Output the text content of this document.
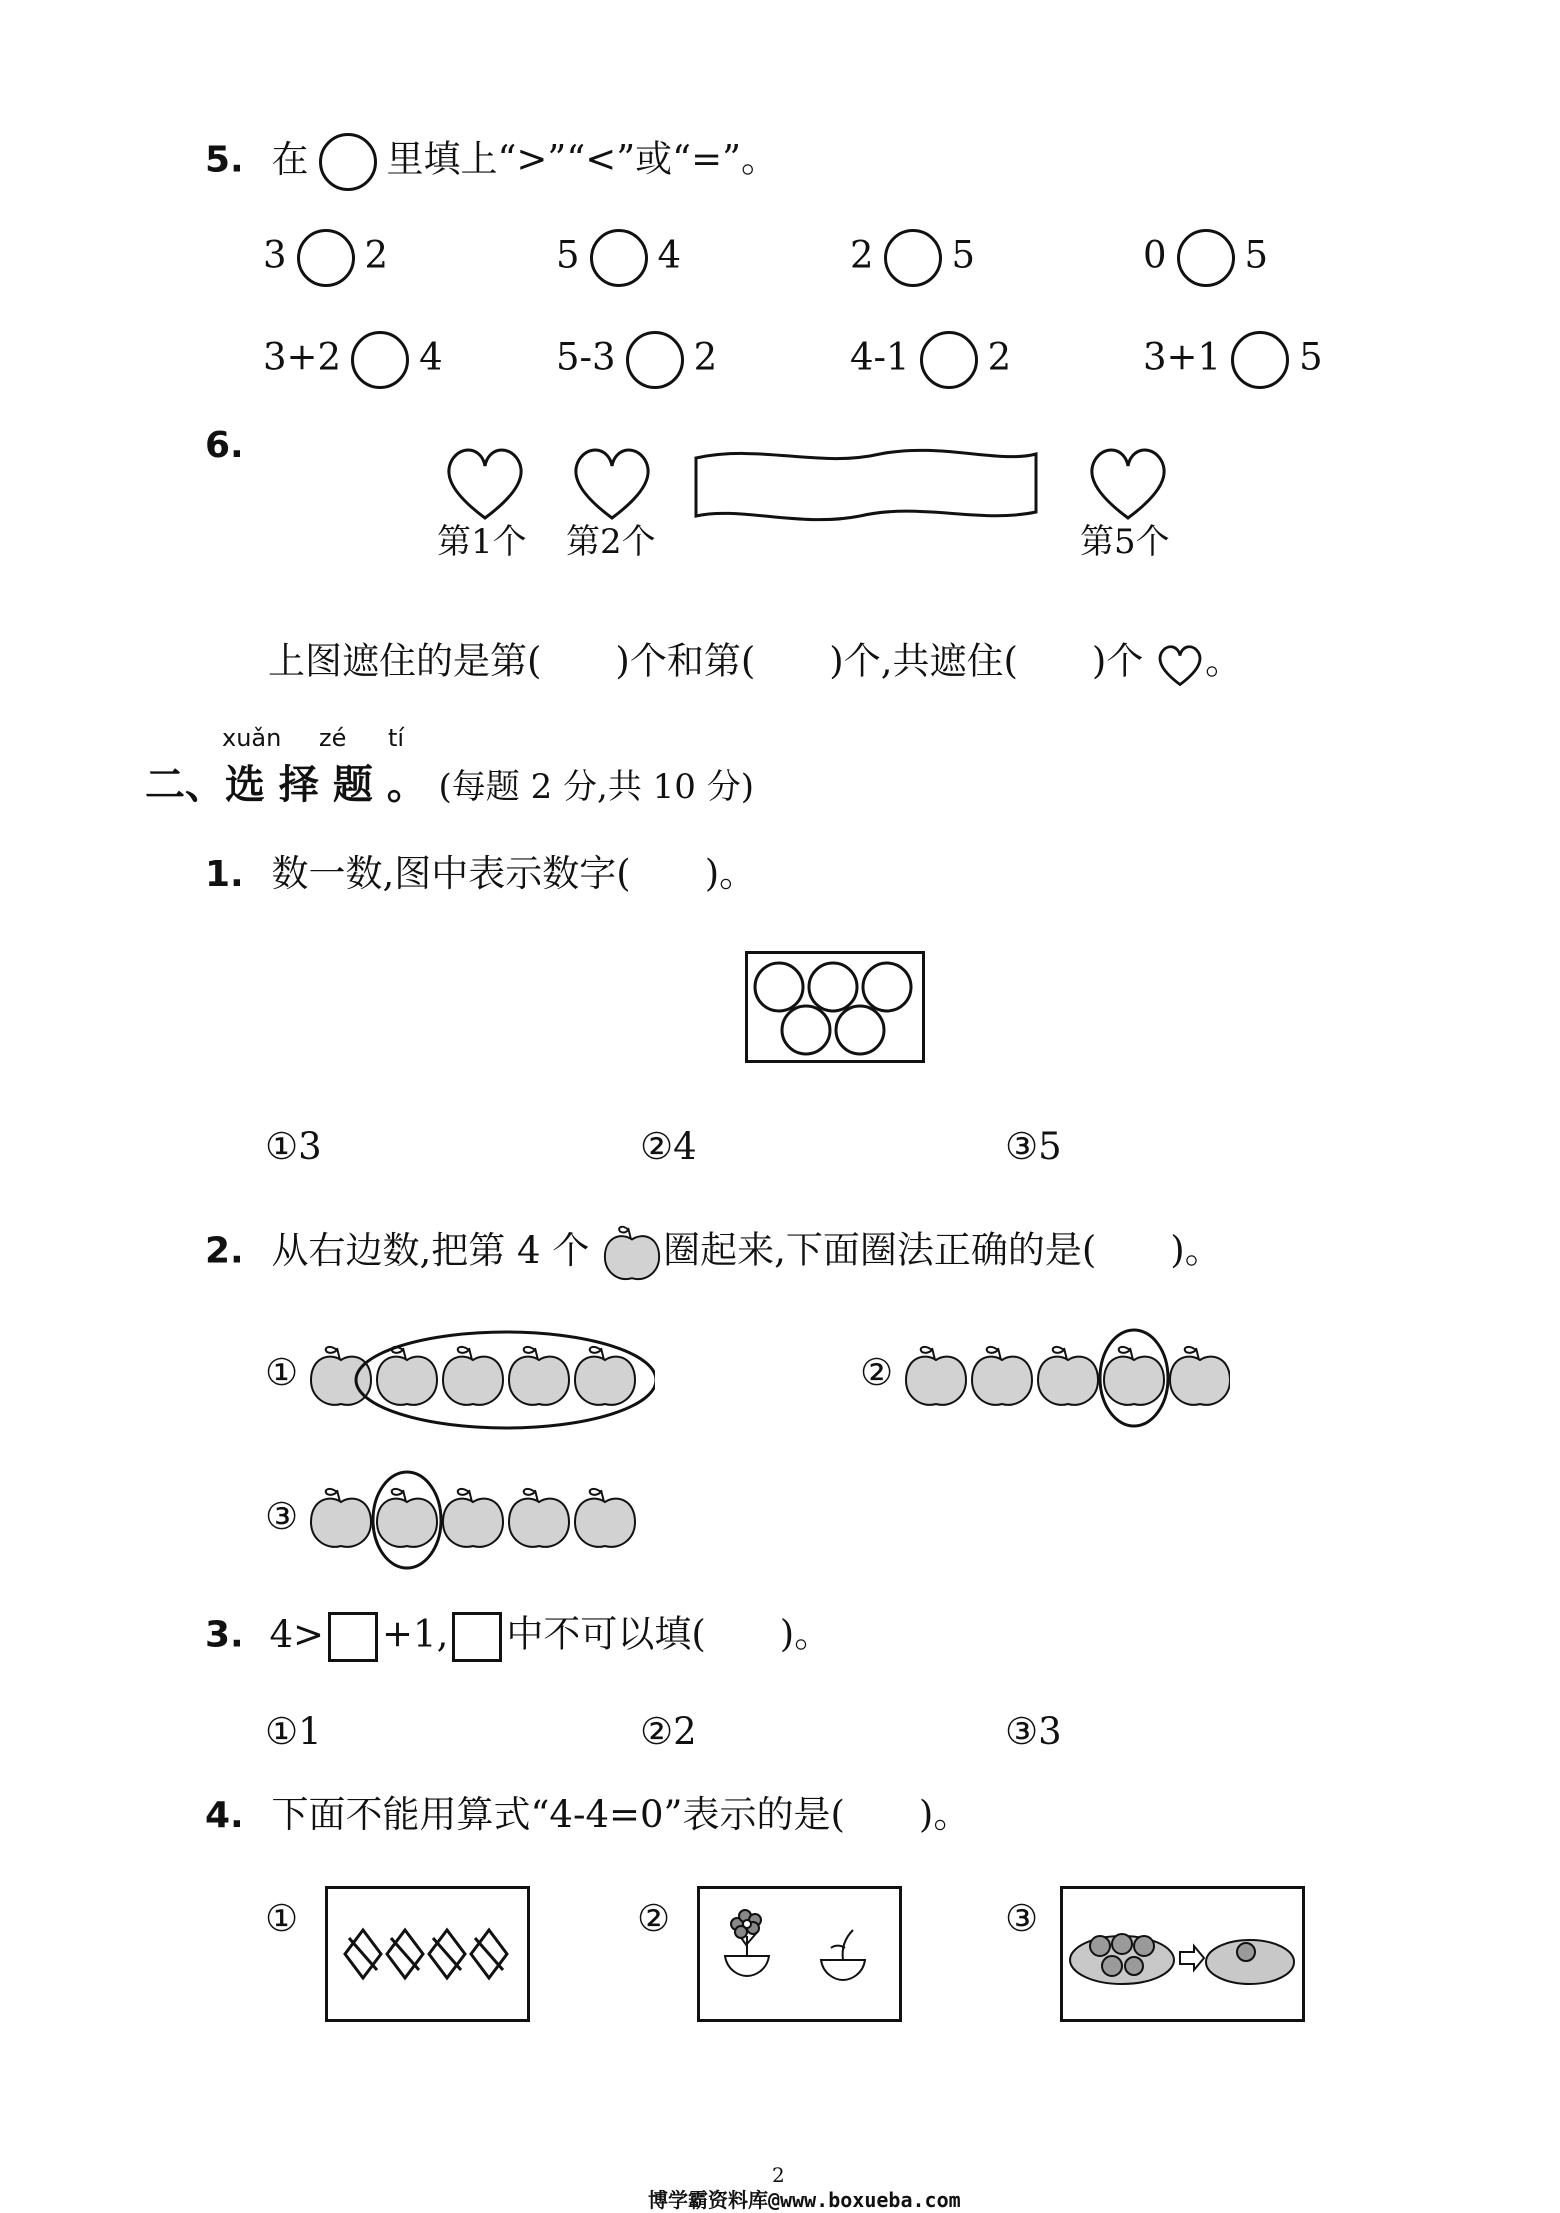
5. 在 里填上“>”“<”或“=”。
3 2	5 4	2 5	0 5
3+2 4	5-3 2	4-1 2	3+1 5
6.
第1个 第2个	第5个
上图遮住的是第(　　)个和第(　　)个,共遮住(　　)个 。
xuǎn zé tí
二、选 择 题 。 (每题 2 分,共 10 分)
1. 数一数,图中表示数字(　　)。
①3	②4	③5
2. 从右边数,把第 4 个 圈起来,下面圈法正确的是(　　)。
①	②
③
3. 4> +1, 中不可以填(　　)。
①1	②2	③3
4. 下面不能用算式“4-4=0”表示的是(　　)。
①	②	③
2
博学霸资料库@www.boxueba.com
